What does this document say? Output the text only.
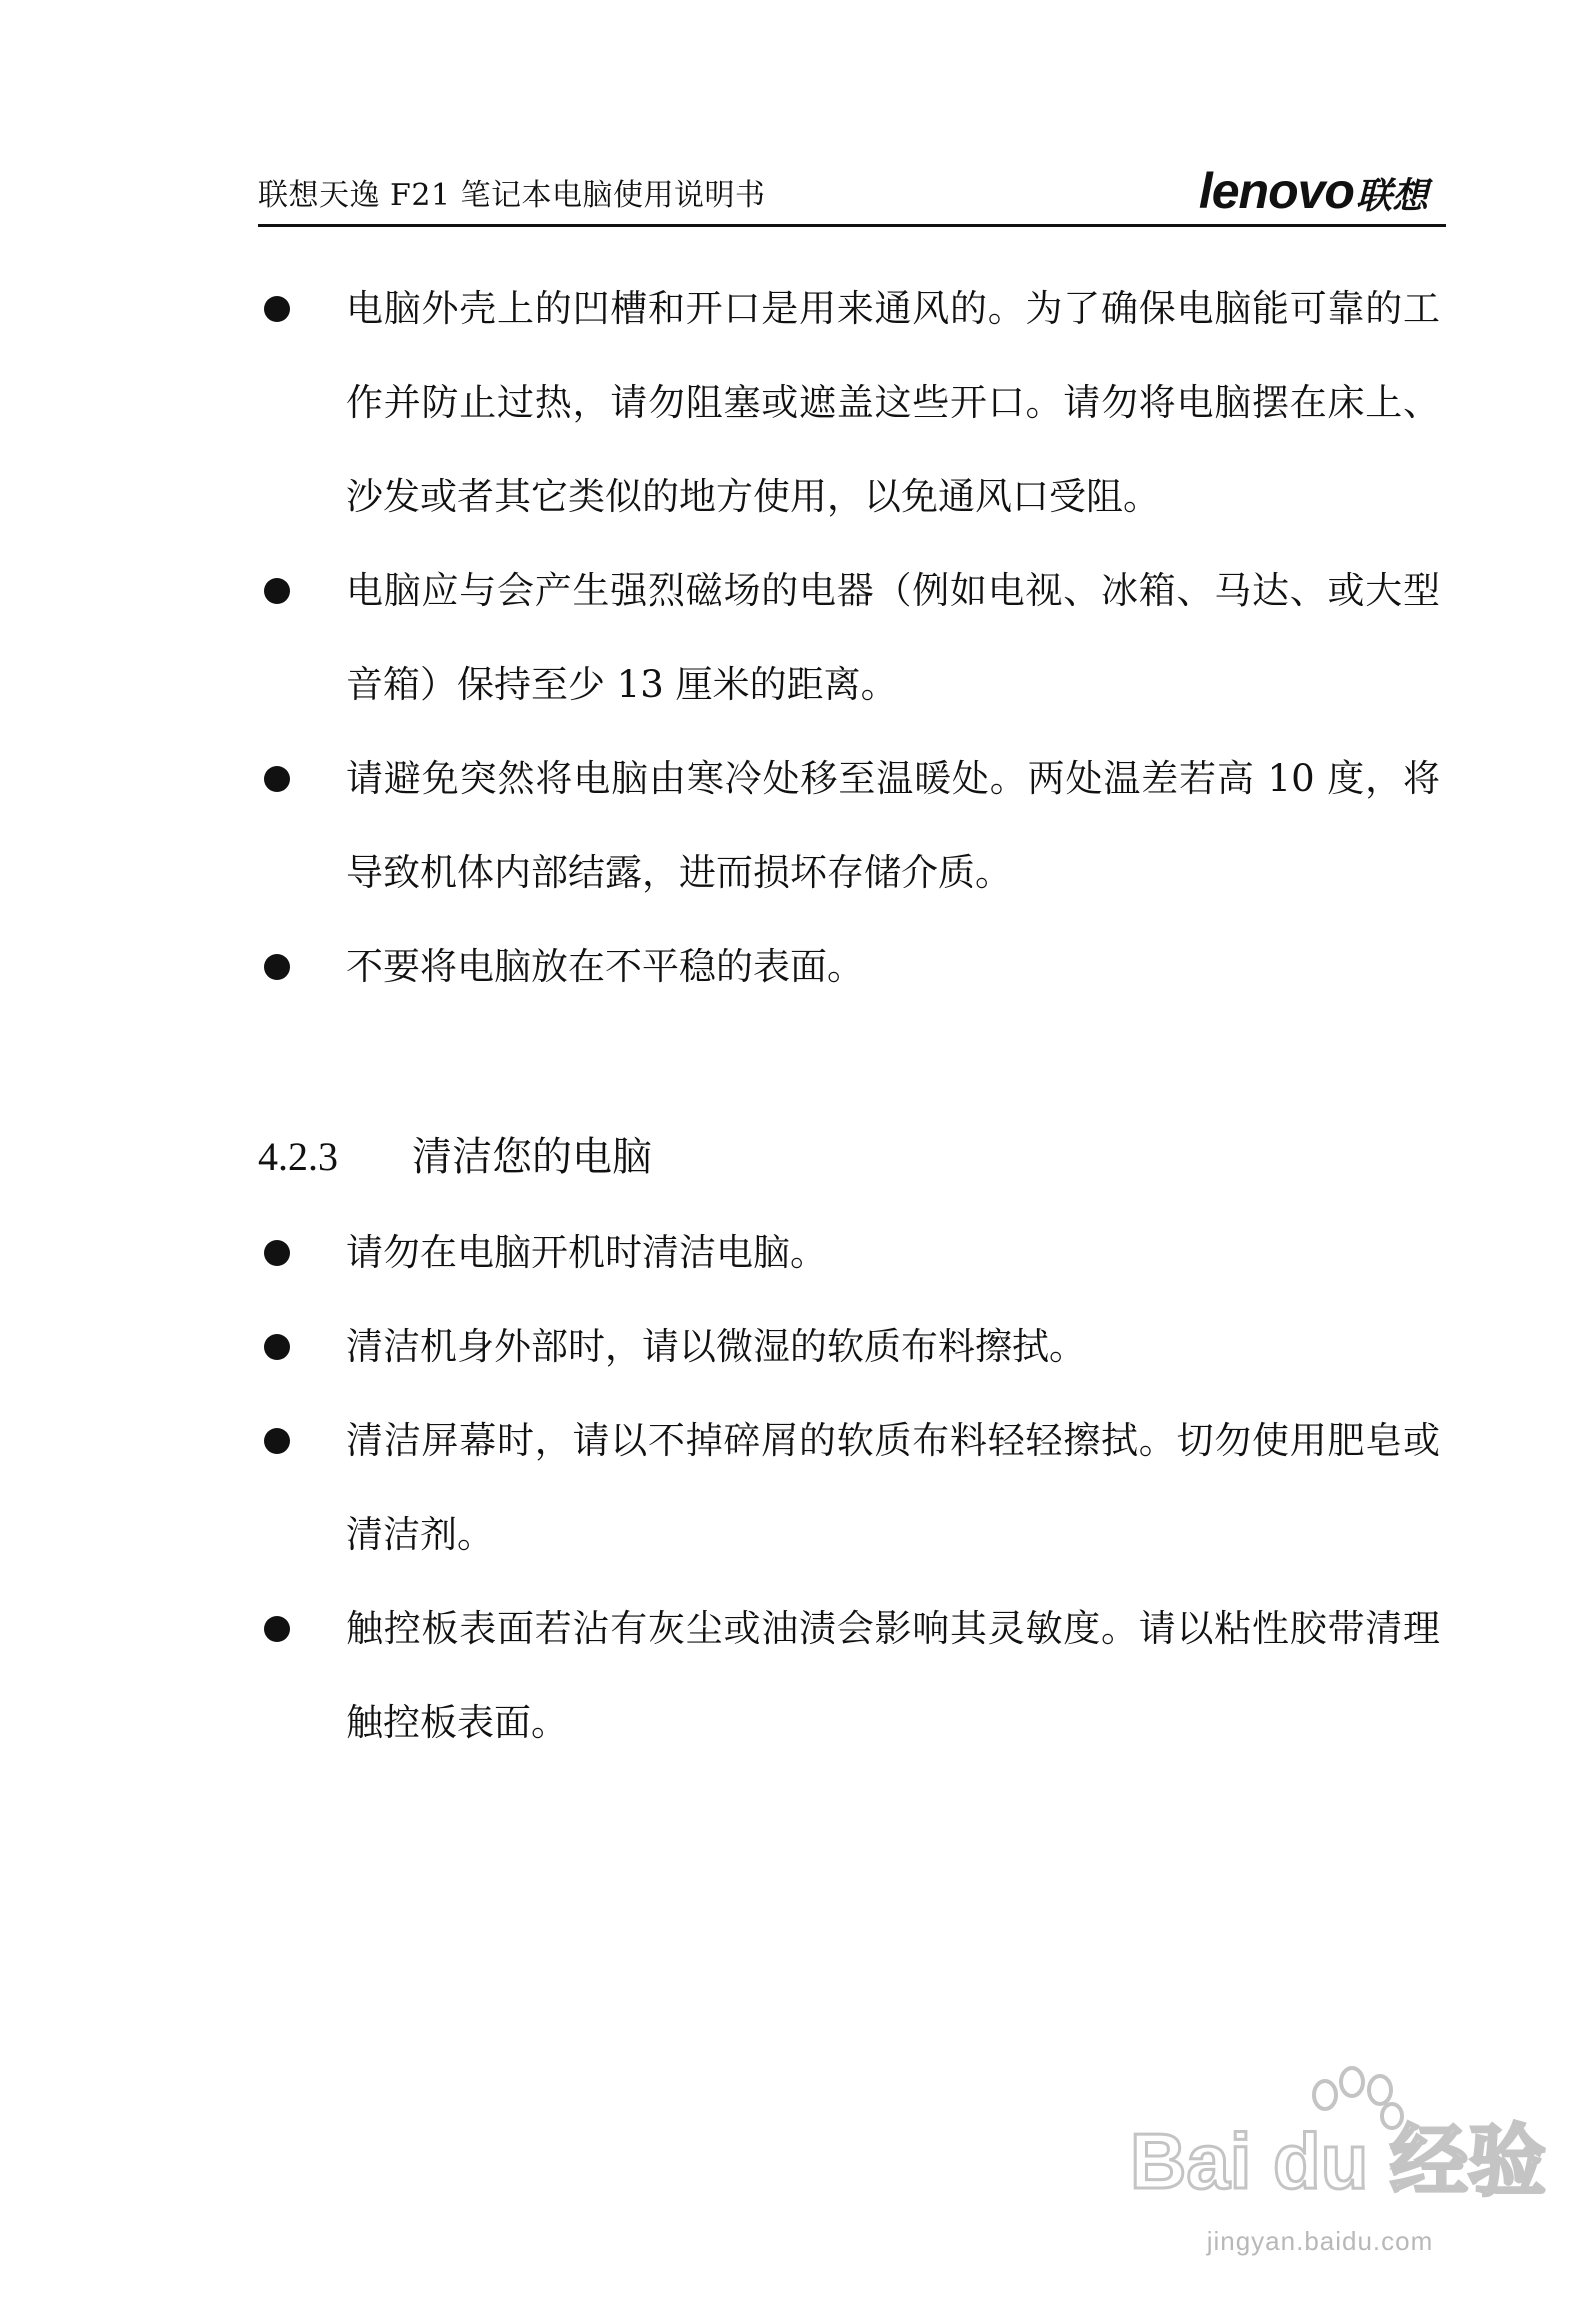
联想天逸 F21 笔记本电脑使用说明书	lenovo联想
电脑外壳上的凹槽和开口是用来通风的。为了确保电脑能可靠的工作并防止过热，请勿阻塞或遮盖这些开口。请勿将电脑摆在床上、沙发或者其它类似的地方使用，以免通风口受阻。
电脑应与会产生强烈磁场的电器（例如电视、冰箱、马达、或大型音箱）保持至少 13 厘米的距离。
请避免突然将电脑由寒冷处移至温暖处。两处温差若高 10 度，将导致机体内部结露，进而损坏存储介质。
不要将电脑放在不平稳的表面。
4.2.3 清洁您的电脑
请勿在电脑开机时清洁电脑。
清洁机身外部时，请以微湿的软质布料擦拭。
清洁屏幕时，请以不掉碎屑的软质布料轻轻擦拭。切勿使用肥皂或清洁剂。
触控板表面若沾有灰尘或油渍会影响其灵敏度。请以粘性胶带清理触控板表面。
Bai du 经验
jingyan.baidu.com
